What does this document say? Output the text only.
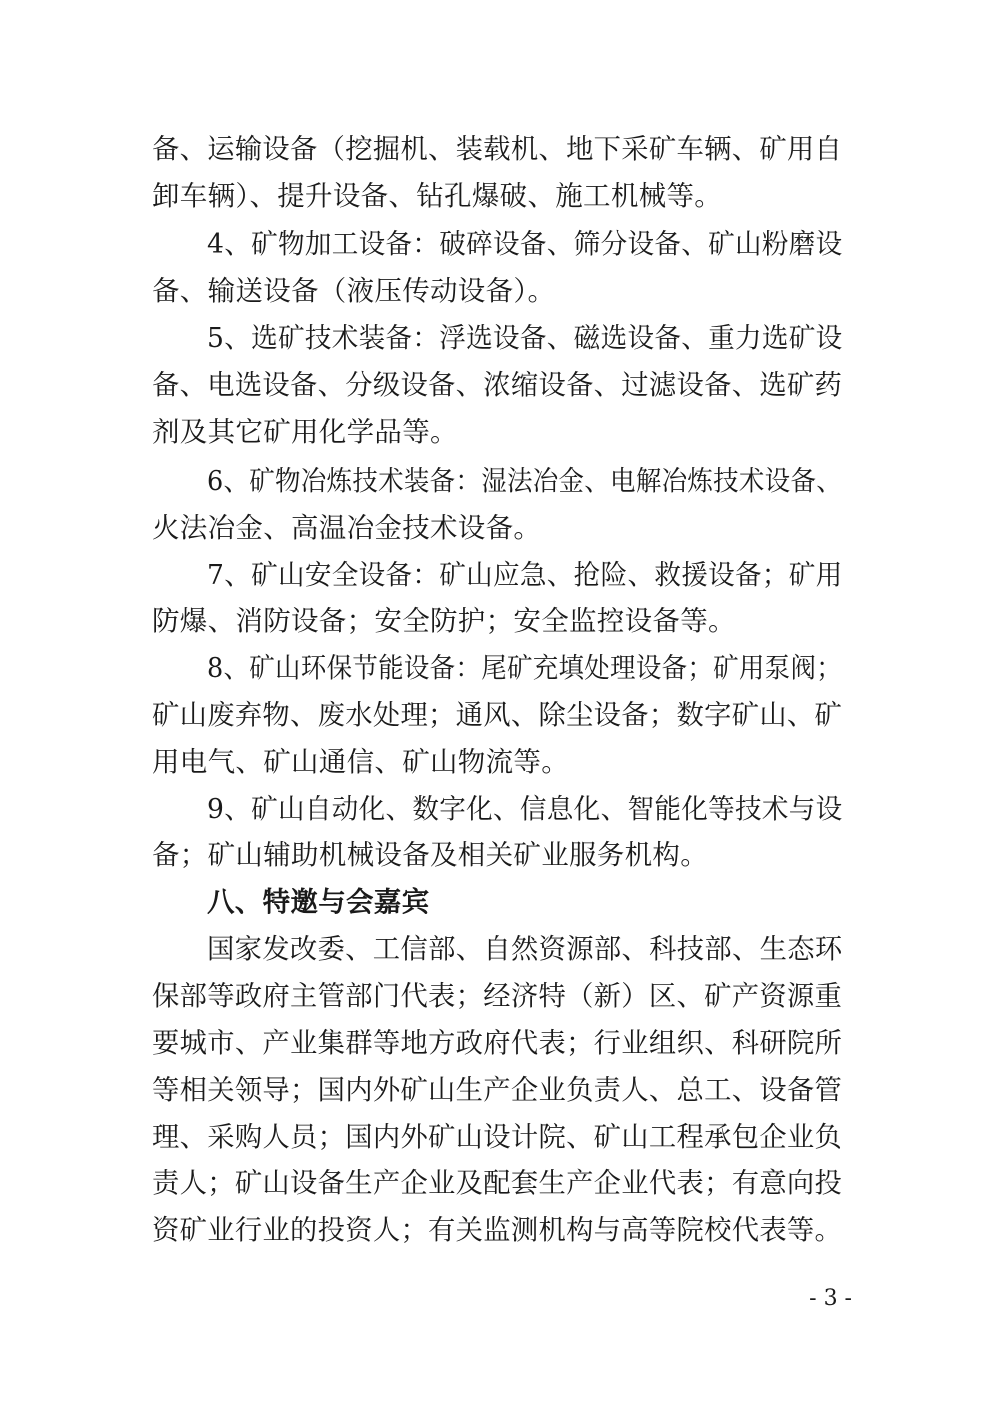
备、运输设备（挖掘机、装载机、地下采矿车辆、矿用自
卸车辆）、提升设备、钻孔爆破、施工机械等。
4、矿物加工设备：破碎设备、筛分设备、矿山粉磨设
备、输送设备（液压传动设备）。
5、选矿技术装备：浮选设备、磁选设备、重力选矿设
备、电选设备、分级设备、浓缩设备、过滤设备、选矿药
剂及其它矿用化学品等。
6、矿物冶炼技术装备：湿法冶金、电解冶炼技术设备、
火法冶金、高温冶金技术设备。
7、矿山安全设备：矿山应急、抢险、救援设备；矿用
防爆、消防设备；安全防护；安全监控设备等。
8、矿山环保节能设备：尾矿充填处理设备；矿用泵阀；
矿山废弃物、废水处理；通风、除尘设备；数字矿山、矿
用电气、矿山通信、矿山物流等。
9、矿山自动化、数字化、信息化、智能化等技术与设
备；矿山辅助机械设备及相关矿业服务机构。
八、特邀与会嘉宾
国家发改委、工信部、自然资源部、科技部、生态环
保部等政府主管部门代表；经济特（新）区、矿产资源重
要城市、产业集群等地方政府代表；行业组织、科研院所
等相关领导；国内外矿山生产企业负责人、总工、设备管
理、采购人员；国内外矿山设计院、矿山工程承包企业负
责人；矿山设备生产企业及配套生产企业代表；有意向投
资矿业行业的投资人；有关监测机构与高等院校代表等。
- 3 -
